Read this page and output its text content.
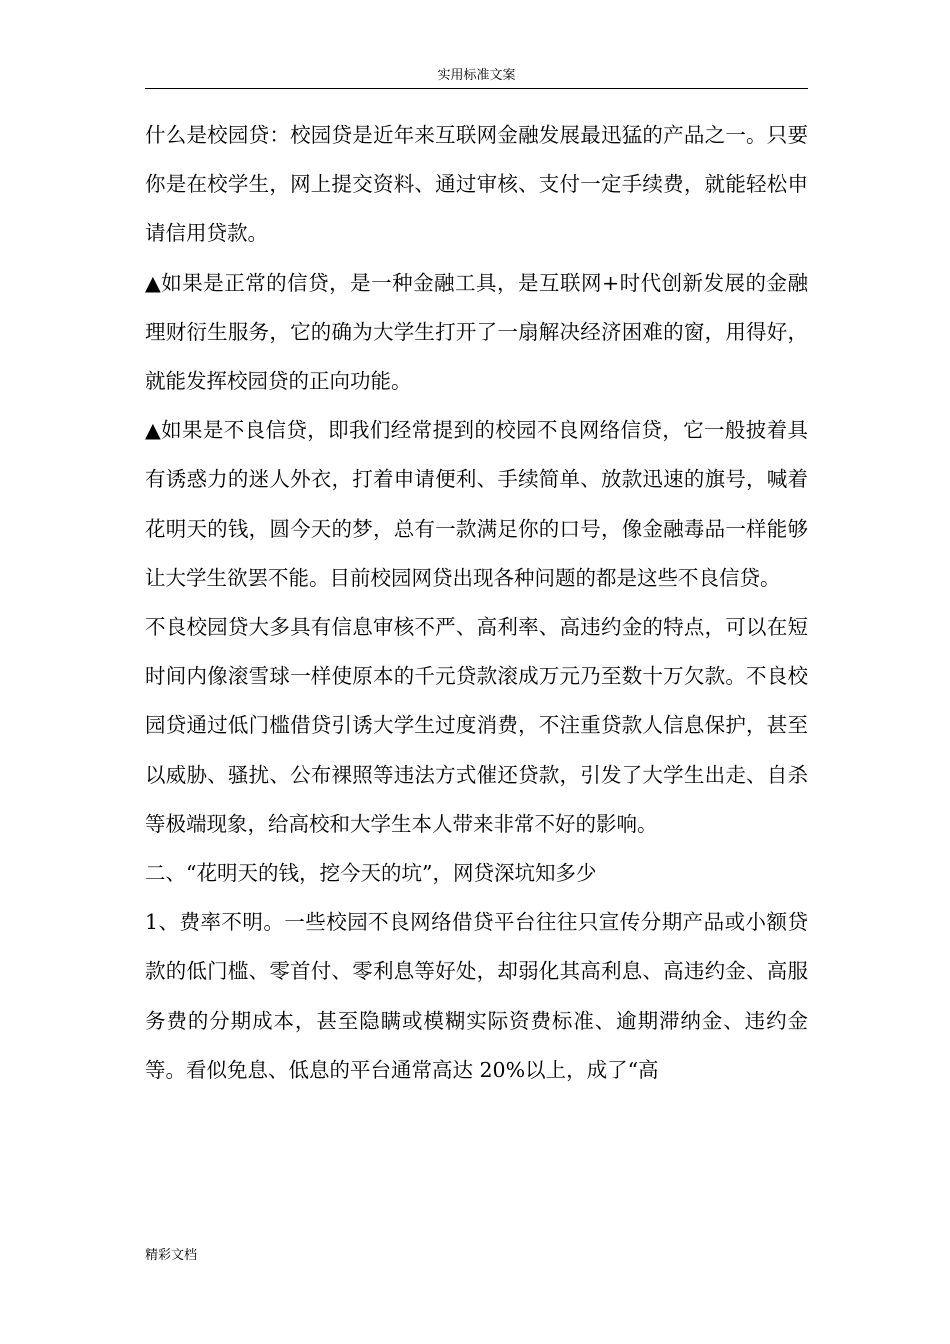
实用标准文案

什么是校园贷：校园贷是近年来互联网金融发展最迅猛的产品之一。只要你是在校学生，网上提交资料、通过审核、支付一定手续费，就能轻松申请信用贷款。

▲如果是正常的信贷，是一种金融工具，是互联网+时代创新发展的金融理财衍生服务，它的确为大学生打开了一扇解决经济困难的窗，用得好，就能发挥校园贷的正向功能。

▲如果是不良信贷，即我们经常提到的校园不良网络信贷，它一般披着具有诱惑力的迷人外衣，打着申请便利、手续简单、放款迅速的旗号，喊着花明天的钱，圆今天的梦，总有一款满足你的口号，像金融毒品一样能够让大学生欲罢不能。目前校园网贷出现各种问题的都是这些不良信贷。

不良校园贷大多具有信息审核不严、高利率、高违约金的特点，可以在短时间内像滚雪球一样使原本的千元贷款滚成万元乃至数十万欠款。不良校园贷通过低门槛借贷引诱大学生过度消费，不注重贷款人信息保护，甚至以威胁、骚扰、公布裸照等违法方式催还贷款，引发了大学生出走、自杀等极端现象，给高校和大学生本人带来非常不好的影响。

二、“花明天的钱，挖今天的坑”，网贷深坑知多少

1、费率不明。一些校园不良网络借贷平台往往只宣传分期产品或小额贷款的低门槛、零首付、零利息等好处，却弱化其高利息、高违约金、高服务费的分期成本，甚至隐瞒或模糊实际资费标准、逾期滞纳金、违约金等。看似免息、低息的平台通常高达 20%以上，成了“高

精彩文档
